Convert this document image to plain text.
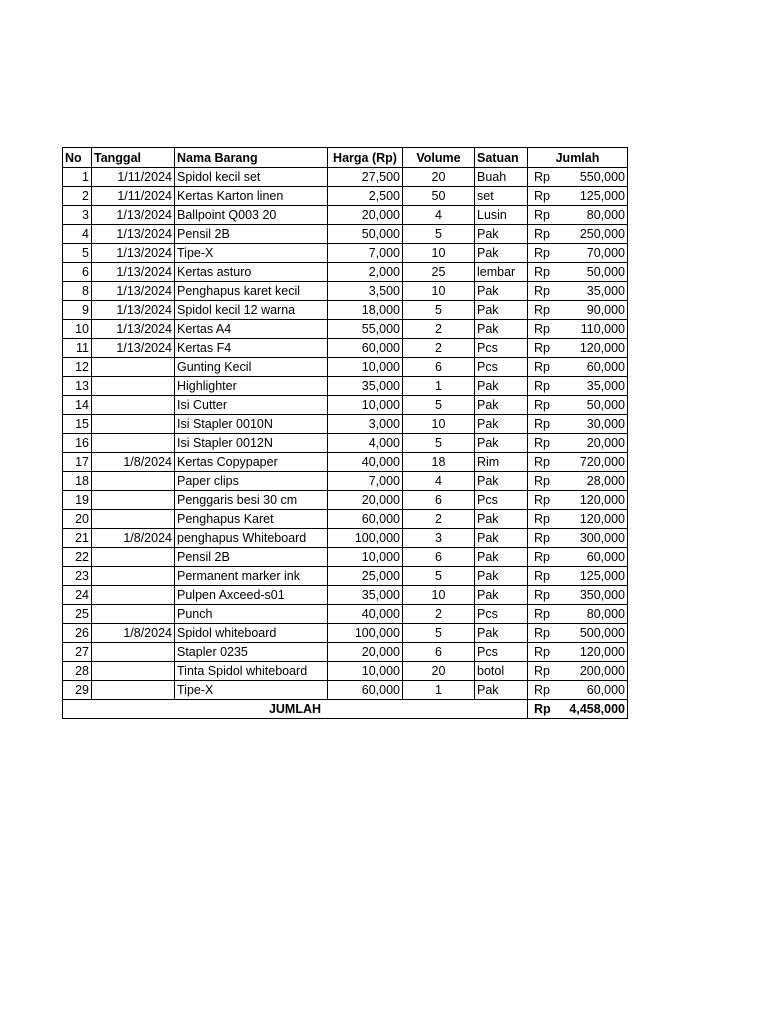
No	Tanggal	Nama Barang	Harga (Rp)	Volume	Satuan	Jumlah
1	1/11/2024	Spidol kecil set	27,500	20	Buah	Rp 550,000

2	1/11/2024	Kertas Karton linen	2,500	50	set	Rp 125,000

3	1/13/2024	Ballpoint Q003 20	20,000	4	Lusin	Rp 80,000

4	1/13/2024	Pensil 2B	50,000	5	Pak	Rp 250,000

5	1/13/2024	Tipe-X	7,000	10	Pak	Rp 70,000

6	1/13/2024	Kertas asturo	2,000	25	lembar	Rp 50,000

8	1/13/2024	Penghapus karet kecil	3,500	10	Pak	Rp 35,000

9	1/13/2024	Spidol kecil 12 warna	18,000	5	Pak	Rp 90,000

10	1/13/2024	Kertas A4	55,000	2	Pak	Rp 110,000

11	1/13/2024	Kertas F4	60,000	2	Pcs	Rp 120,000

12		Gunting Kecil	10,000	6	Pcs	Rp 60,000

13		Highlighter	35,000	1	Pak	Rp 35,000

14		Isi Cutter	10,000	5	Pak	Rp 50,000

15		Isi Stapler 0010N	3,000	10	Pak	Rp 30,000

16		Isi Stapler 0012N	4,000	5	Pak	Rp 20,000

17	1/8/2024	Kertas Copypaper	40,000	18	Rim	Rp 720,000

18		Paper clips	7,000	4	Pak	Rp 28,000

19		Penggaris besi 30 cm	20,000	6	Pcs	Rp 120,000

20		Penghapus Karet	60,000	2	Pak	Rp 120,000

21	1/8/2024	penghapus Whiteboard	100,000	3	Pak	Rp 300,000

22		Pensil 2B	10,000	6	Pak	Rp 60,000

23		Permanent marker ink	25,000	5	Pak	Rp 125,000

24		Pulpen Axceed-s01	35,000	10	Pak	Rp 350,000

25		Punch	40,000	2	Pcs	Rp 80,000

26	1/8/2024	Spidol whiteboard	100,000	5	Pak	Rp 500,000

27		Stapler 0235	20,000	6	Pcs	Rp 120,000

28		Tinta Spidol whiteboard	10,000	20	botol	Rp 200,000

29		Tipe-X	60,000	1	Pak	Rp 60,000

JUMLAH						Rp 4,458,000
